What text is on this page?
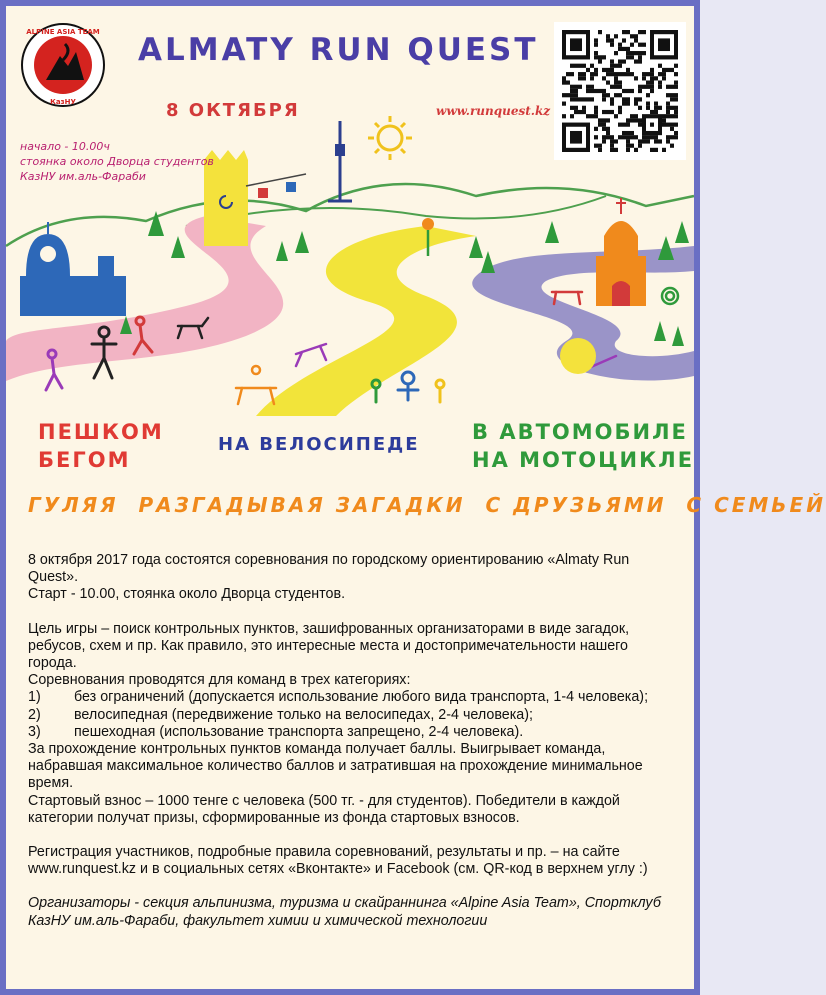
ALPINE ASIA TEAM
КазНУ
ALMATY RUN QUEST
8 ОКТЯБРЯ	www.runquest.kz
начало - 10.00ч
стоянка около Дворца студентов
КазНУ им.аль-Фараби
ПЕШКОМ
БЕГОМ
НА ВЕЛОСИПЕДЕ
В АВТОМОБИЛЕ
НА МОТОЦИКЛЕ
ГУЛЯЯ РАЗГАДЫВАЯ ЗАГАДКИ С ДРУЗЬЯМИ С СЕМЬЕЙ

8 октября 2017 года состоятся соревнования по городскому ориентированию «Almaty Run Quest».

Старт - 10.00, стоянка около Дворца студентов.

Цель игры – поиск контрольных пунктов, зашифрованных организаторами в виде загадок, ребусов, схем и пр. Как правило, это интересные места и достопримечательности нашего города.

Соревнования проводятся для команд в трех категориях:

1)	без ограничений (допускается использование любого вида транспорта, 1-4 человека);
2)	велосипедная (передвижение только на велосипедах, 2-4 человека);
3)	пешеходная (использование транспорта запрещено, 2-4 человека).

За прохождение контрольных пунктов команда получает баллы. Выигрывает команда, набравшая максимальное количество баллов и затратившая на прохождение минимальное время.

Стартовый взнос – 1000 тенге с человека (500 тг. - для студентов). Победители в каждой категории получат призы, сформированные из фонда стартовых взносов.

Регистрация участников, подробные правила соревнований, результаты и пр. – на сайте www.runquest.kz и в социальных сетях «Вконтакте» и Facebook (см. QR-код в верхнем углу :)

Организаторы - секция альпинизма, туризма и скайраннинга «Alpine Asia Team», Спортклуб КазНУ им.аль-Фараби, факультет химии и химической технологии
